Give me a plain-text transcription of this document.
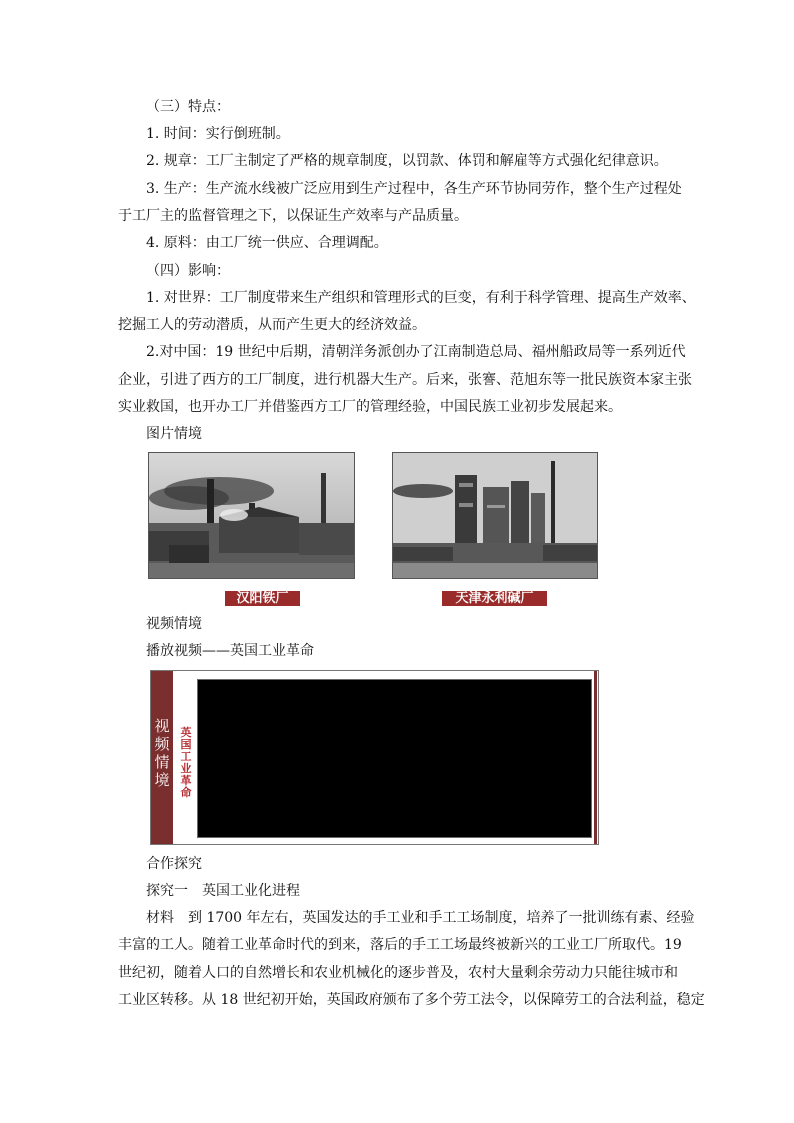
（三）特点：
1. 时间：实行倒班制。
2. 规章：工厂主制定了严格的规章制度，以罚款、体罚和解雇等方式强化纪律意识。
3. 生产：生产流水线被广泛应用到生产过程中，各生产环节协同劳作，整个生产过程处
于工厂主的监督管理之下，以保证生产效率与产品质量。
4. 原料：由工厂统一供应、合理调配。
（四）影响：
1. 对世界：工厂制度带来生产组织和管理形式的巨变，有利于科学管理、提高生产效率、
挖掘工人的劳动潜质，从而产生更大的经济效益。
2.对中国：19 世纪中后期，清朝洋务派创办了江南制造总局、福州船政局等一系列近代
企业，引进了西方的工厂制度，进行机器大生产。后来，张謇、范旭东等一批民族资本家主张
实业救国，也开办工厂并借鉴西方工厂的管理经验，中国民族工业初步发展起来。
图片情境
汉阳铁厂	天津永利碱厂
视频情境
播放视频——英国工业革命
视频情境
英国工业革命
合作探究
探究一　英国工业化进程
材料　到 1700 年左右，英国发达的手工业和手工工场制度，培养了一批训练有素、经验
丰富的工人。随着工业革命时代的到来，落后的手工工场最终被新兴的工业工厂所取代。19
世纪初，随着人口的自然增长和农业机械化的逐步普及，农村大量剩余劳动力只能往城市和
工业区转移。从 18 世纪初开始，英国政府颁布了多个劳工法令，以保障劳工的合法利益，稳定
